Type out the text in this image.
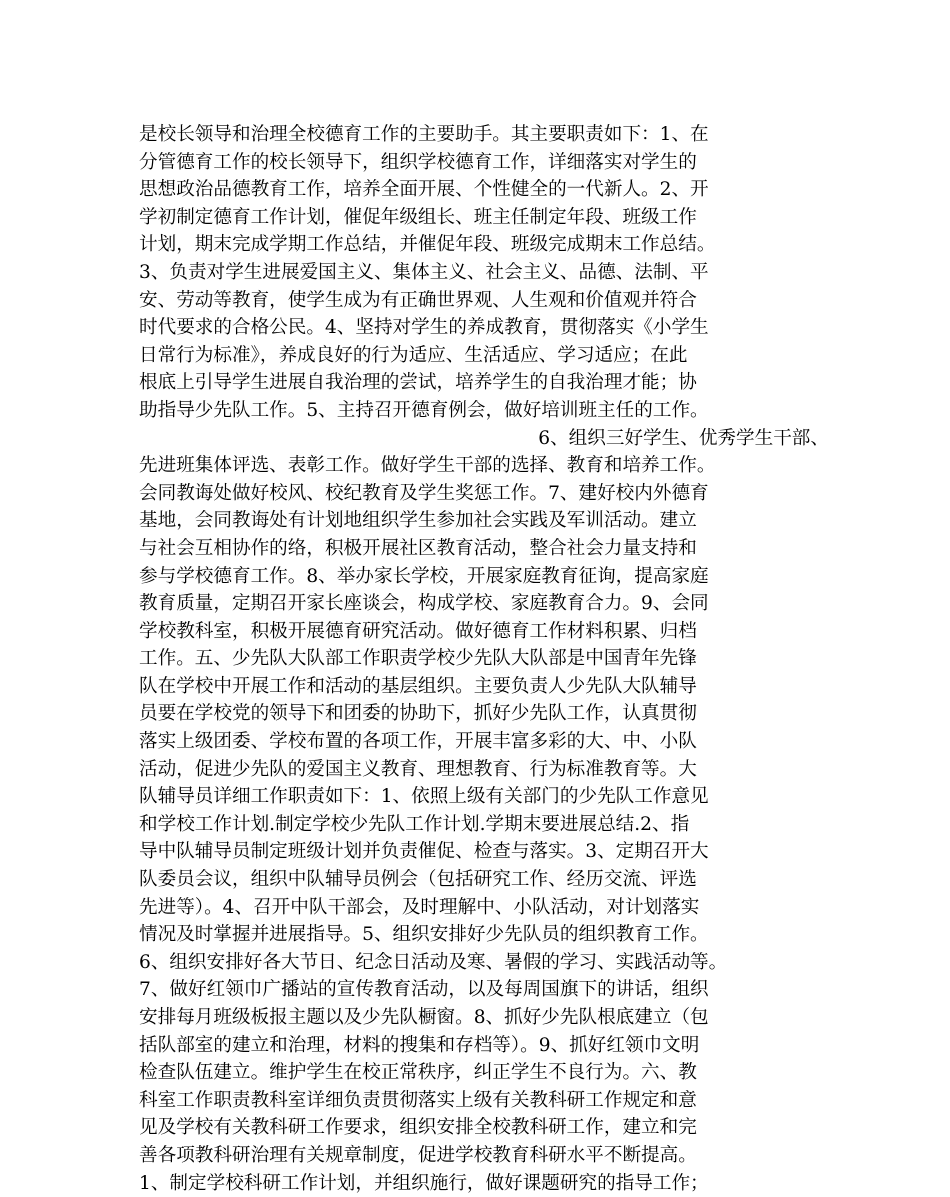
是校长领导和治理全校德育工作的主要助手。其主要职责如下：1、在
分管德育工作的校长领导下，组织学校德育工作，详细落实对学生的
思想政治品德教育工作，培养全面开展、个性健全的一代新人。2、开
学初制定德育工作计划，催促年级组长、班主任制定年段、班级工作
计划，期末完成学期工作总结，并催促年段、班级完成期末工作总结。
3、负责对学生进展爱国主义、集体主义、社会主义、品德、法制、平
安、劳动等教育，使学生成为有正确世界观、人生观和价值观并符合
时代要求的合格公民。4、坚持对学生的养成教育，贯彻落实《小学生
日常行为标准》，养成良好的行为适应、生活适应、学习适应；在此
根底上引导学生进展自我治理的尝试，培养学生的自我治理才能；协
助指导少先队工作。5、主持召开德育例会，做好培训班主任的工作。
6、组织三好学生、优秀学生干部、
先进班集体评选、表彰工作。做好学生干部的选择、教育和培养工作。
会同教诲处做好校风、校纪教育及学生奖惩工作。7、建好校内外德育
基地，会同教诲处有计划地组织学生参加社会实践及军训活动。建立
与社会互相协作的络，积极开展社区教育活动，整合社会力量支持和
参与学校德育工作。8、举办家长学校，开展家庭教育征询，提高家庭
教育质量，定期召开家长座谈会，构成学校、家庭教育合力。9、会同
学校教科室，积极开展德育研究活动。做好德育工作材料积累、归档
工作。五、少先队大队部工作职责学校少先队大队部是中国青年先锋
队在学校中开展工作和活动的基层组织。主要负责人少先队大队辅导
员要在学校党的领导下和团委的协助下，抓好少先队工作，认真贯彻
落实上级团委、学校布置的各项工作，开展丰富多彩的大、中、小队
活动，促进少先队的爱国主义教育、理想教育、行为标准教育等。大
队辅导员详细工作职责如下：1、依照上级有关部门的少先队工作意见
和学校工作计划.制定学校少先队工作计划.学期末要进展总结.2、指
导中队辅导员制定班级计划并负责催促、检查与落实。3、定期召开大
队委员会议，组织中队辅导员例会（包括研究工作、经历交流、评选
先进等）。4、召开中队干部会，及时理解中、小队活动，对计划落实
情况及时掌握并进展指导。5、组织安排好少先队员的组织教育工作。
6、组织安排好各大节日、纪念日活动及寒、暑假的学习、实践活动等。
7、做好红领巾广播站的宣传教育活动，以及每周国旗下的讲话，组织
安排每月班级板报主题以及少先队橱窗。8、抓好少先队根底建立（包
括队部室的建立和治理，材料的搜集和存档等）。9、抓好红领巾文明
检查队伍建立。维护学生在校正常秩序，纠正学生不良行为。六、教
科室工作职责教科室详细负责贯彻落实上级有关教科研工作规定和意
见及学校有关教科研工作要求，组织安排全校教科研工作，建立和完
善各项教科研治理有关规章制度，促进学校教育科研水平不断提高。
1、制定学校科研工作计划，并组织施行，做好课题研究的指导工作；
